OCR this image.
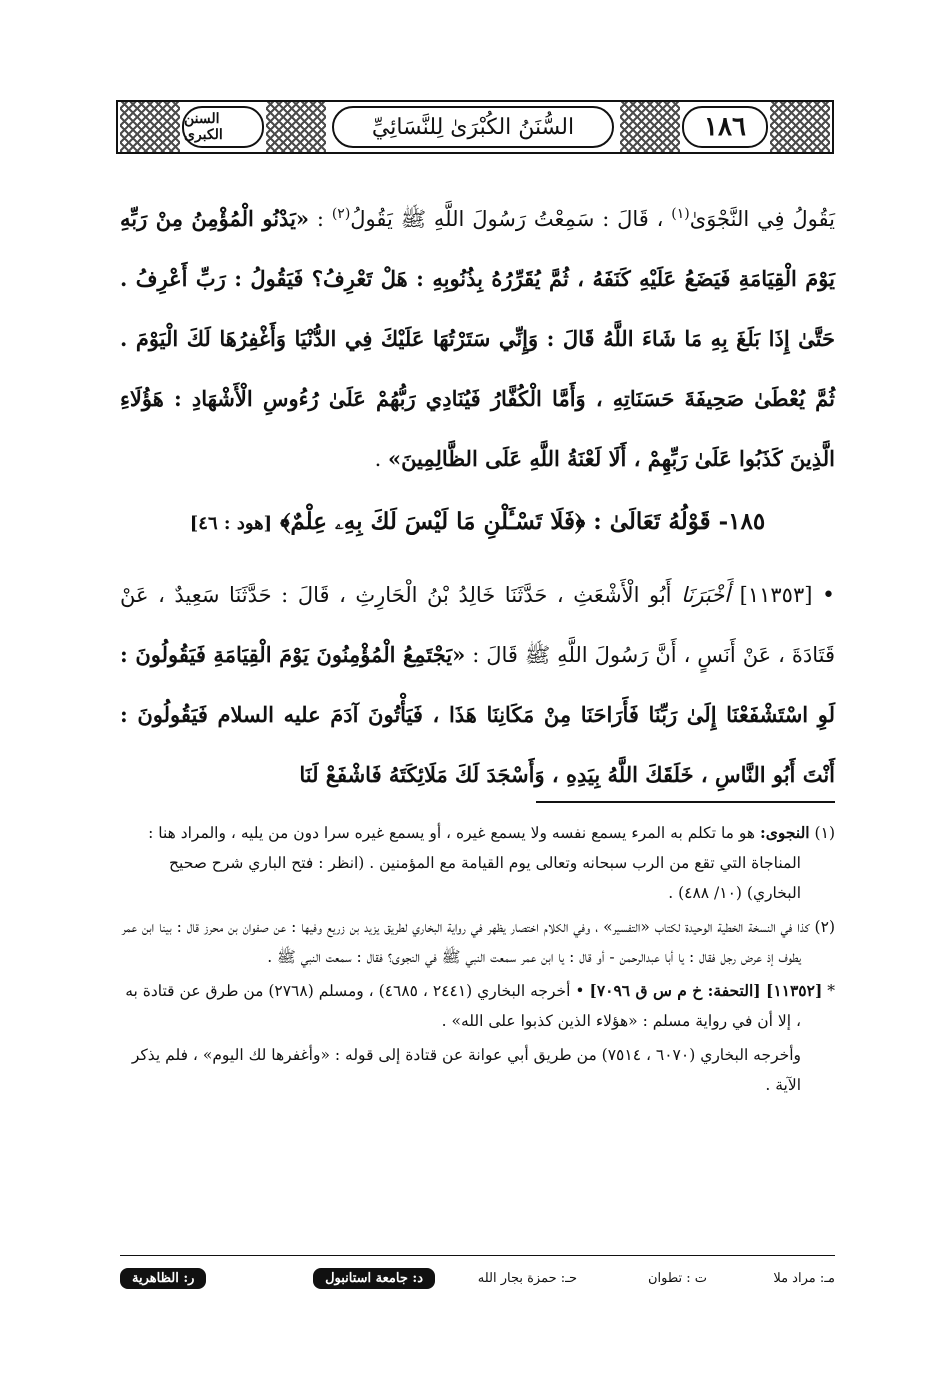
السنن الكبرى	السُّنَنُ الكُبْرَىٰ لِلنَّسَائِيِّ	١٨٦

يَقُولُ فِي النَّجْوَىٰ$^{(١)}$ ، قَالَ : سَمِعْتُ رَسُولَ اللَّهِ ﷺ يَقُولُ$^{(٢)}$ : «يَدْنُو الْمُؤْمِنُ مِنْ رَبِّهِ يَوْمَ الْقِيَامَةِ فَيَضَعُ عَلَيْهِ كَنَفَهُ ، ثُمَّ يُقَرِّرُهُ بِذُنُوبِهِ : هَلْ تَعْرِفُ؟ فَيَقُولُ : رَبِّ أَعْرِفُ . حَتَّىٰ إِذَا بَلَغَ بِهِ مَا شَاءَ اللَّهُ قَالَ : وَإِنِّي سَتَرْتُهَا عَلَيْكَ فِي الدُّنْيَا وَأَغْفِرُهَا لَكَ الْيَوْمَ . ثُمَّ يُعْطَىٰ صَحِيفَةَ حَسَنَاتِهِ ، وَأَمَّا الْكُفَّارُ فَيُنَادِي رَبُّهُمْ عَلَىٰ رُءُوسِ الْأَشْهَادِ : هَؤُلَاءِ الَّذِينَ كَذَبُوا عَلَىٰ رَبِّهِمْ ، أَلَا لَعْنَةُ اللَّهِ عَلَى الظَّالِمِينَ» .

١٨٥- قَوْلُهُ تَعَالَىٰ : ﴿فَلَا تَسْـَٔلْنِ مَا لَيْسَ لَكَ بِهِۦ عِلْمٌ﴾ [هود : ٤٦]
• [١١٣٥٣] أَخْبَرَنَا أَبُو الْأَشْعَثِ ، حَدَّثَنَا خَالِدُ بْنُ الْحَارِثِ ، قَالَ : حَدَّثَنَا سَعِيدٌ ، عَنْ قَتَادَةَ ، عَنْ أَنَسٍ ، أَنَّ رَسُولَ اللَّهِ ﷺ قَالَ : «يَجْتَمِعُ الْمُؤْمِنُونَ يَوْمَ الْقِيَامَةِ فَيَقُولُونَ : لَوِ اسْتَشْفَعْنَا إِلَىٰ رَبِّنَا فَأَرَاحَنَا مِنْ مَكَانِنَا هَذَا ، فَيَأْتُونَ آدَمَ عليه السلام فَيَقُولُونَ : أَنْتَ أَبُو النَّاسِ ، خَلَقَكَ اللَّهُ بِيَدِهِ ، وَأَسْجَدَ لَكَ مَلَائِكَتَهُ فَاشْفَعْ لَنَا

(١) النجوى: هو ما تكلم به المرء يسمع نفسه ولا يسمع غيره ، أو يسمع غيره سرا دون من يليه ، والمراد هنا : المناجاة التي تقع من الرب سبحانه وتعالى يوم القيامة مع المؤمنين . (انظر : فتح الباري شرح صحيح البخاري) (١٠/ ٤٨٨) .

(٢) كذا في النسخة الخطية الوحيدة لكتاب «التفسير» ، وفي الكلام اختصار يظهر في رواية البخاري لطريق يزيد بن زريع وفيها : عن صفوان بن محرز قال : بينا ابن عمر يطوف إذ عرض رجل فقال : يا أبا عبدالرحمن - أو قال : يا ابن عمر سمعت النبي ﷺ في النجوى؟ فقال : سمعت النبي ﷺ .

* [١١٣٥٢] [التحفة: خ م س ق ٧٠٩٦] • أخرجه البخاري (٢٤٤١ ، ٤٦٨٥) ، ومسلم (٢٧٦٨) من طرق عن قتادة به ، إلا أن في رواية مسلم : «هؤلاء الذين كذبوا على الله» .

وأخرجه البخاري (٦٠٧٠ ، ٧٥١٤) من طريق أبي عوانة عن قتادة إلى قوله : «وأغفرها لك اليوم» ، فلم يذكر الآية .

مـ: مراد ملا
ت : تطوان
حـ: حمزة بجار الله
د: جامعة استانبول
ر: الظاهرية
